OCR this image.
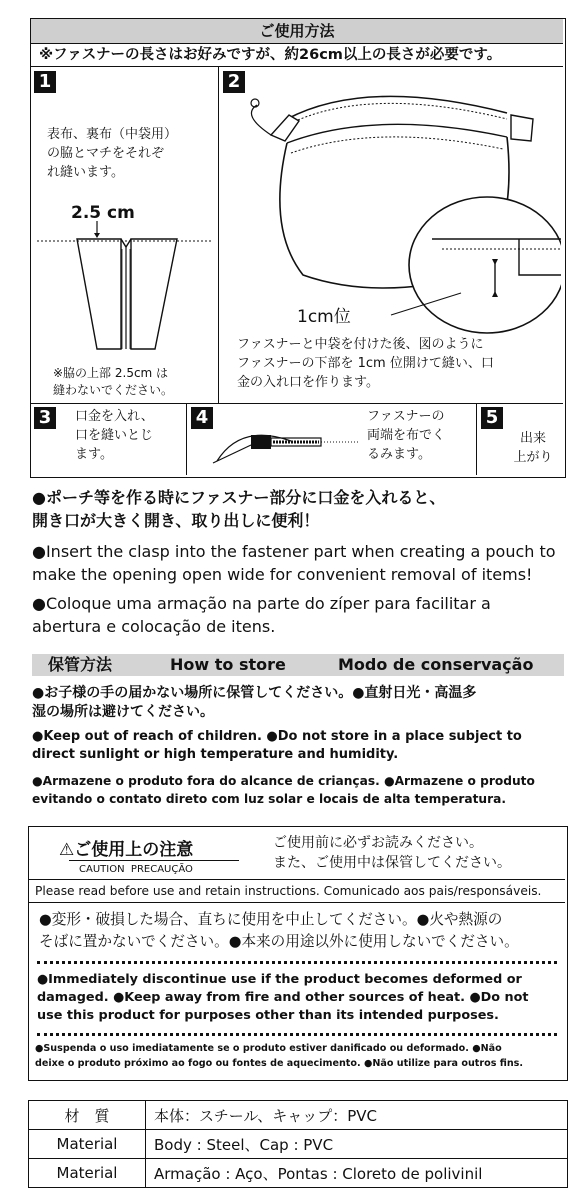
ご使用方法
※ファスナーの長さはお好みですが、約26cm以上の長さが必要です。
1
表布、裏布（中袋用）
の脇とマチをそれぞ
れ縫います。
2.5 cm
※脇の上部 2.5cm は
縫わないでください。
2
1cm位
ファスナーと中袋を付けた後、図のように
ファスナーの下部を 1cm 位開けて縫い、口
金の入れ口を作ります。
3	口金を入れ、
口を縫いとじ
ます。
4	ファスナーの
両端を布でく
るみます。
5
出来
上がり
●ポーチ等を作る時にファスナー部分に口金を入れると、
開き口が大きく開き、取り出しに便利！
●Insert the clasp into the fastener part when creating a pouch to
make the opening open wide for convenient removal of items!
●Coloque uma armação na parte do zíper para facilitar a
abertura e colocação de itens.
保管方法	How to store	Modo de conservação
●お子様の手の届かない場所に保管してください。●直射日光・高温多
湿の場所は避けてください。
●Keep out of reach of children. ●Do not store in a place subject to
direct sunlight or high temperature and humidity.
●Armazene o produto fora do alcance de crianças. ●Armazene o produto
evitando o contato direto com luz solar e locais de alta temperatura.
⚠ご使用上の注意
CAUTION PRECAUÇÃO
ご使用前に必ずお読みください。
また、ご使用中は保管してください。
Please read before use and retain instructions. Comunicado aos pais/responsáveis.
●変形・破損した場合、直ちに使用を中止してください。●火や熱源の
そばに置かないでください。●本来の用途以外に使用しないでください。
●Immediately discontinue use if the product becomes deformed or
damaged. ●Keep away from fire and other sources of heat. ●Do not
use this product for purposes other than its intended purposes.
●Suspenda o uso imediatamente se o produto estiver danificado ou deformado. ●Não
deixe o produto próximo ao fogo ou fontes de aquecimento. ●Não utilize para outros fins.
材　質	本体：スチール、キャップ：PVC
Material	Body : Steel、Cap : PVC
Material	Armação : Aço、Pontas : Cloreto de polivinil
